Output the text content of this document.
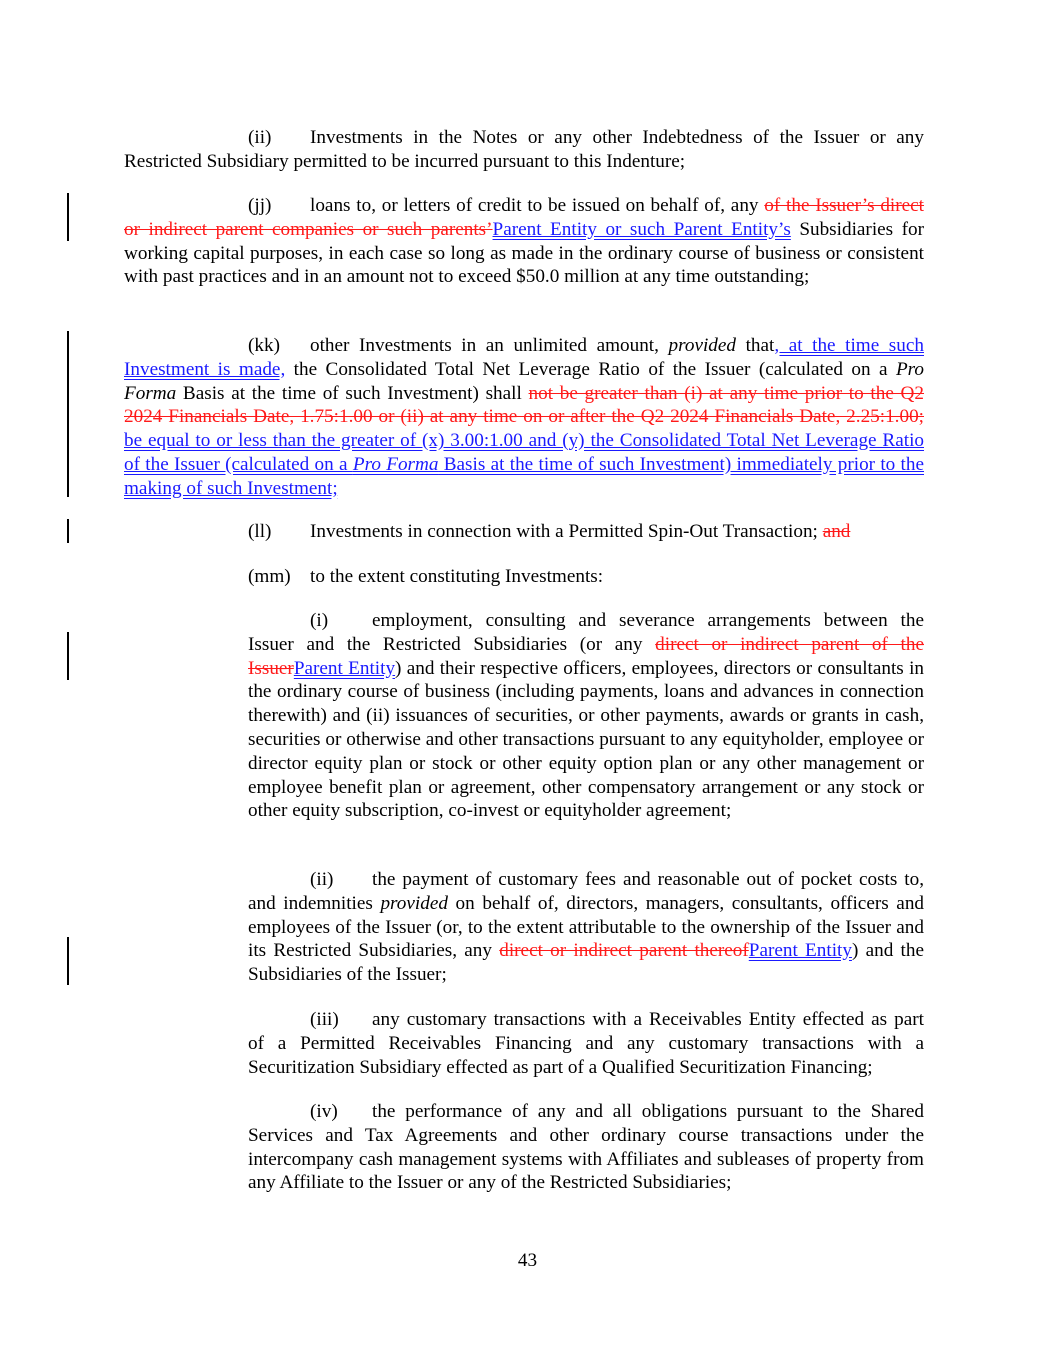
(ii) Investments in the Notes or any other Indebtedness of the Issuer or any Restricted Subsidiary permitted to be incurred pursuant to this Indenture;
(jj) loans to, or letters of credit to be issued on behalf of, any of the Issuer’s direct or indirect parent companies or such parents’Parent Entity or such Parent Entity’s Subsidiaries for working capital purposes, in each case so long as made in the ordinary course of business or consistent with past practices and in an amount not to exceed $50.0 million at any time outstanding;
(kk) other Investments in an unlimited amount, provided that, at the time such Investment is made, the Consolidated Total Net Leverage Ratio of the Issuer (calculated on a Pro Forma Basis at the time of such Investment) shall not be greater than (i) at any time prior to the Q2 2024 Financials Date, 1.75:1.00 or (ii) at any time on or after the Q2 2024 Financials Date, 2.25:1.00; be equal to or less than the greater of (x) 3.00:1.00 and (y) the Consolidated Total Net Leverage Ratio of the Issuer (calculated on a Pro Forma Basis at the time of such Investment) immediately prior to the making of such Investment;
(ll) Investments in connection with a Permitted Spin-Out Transaction; and
(mm) to the extent constituting Investments:
(i) employment, consulting and severance arrangements between the Issuer and the Restricted Subsidiaries (or any direct or indirect parent of the IssuerParent Entity) and their respective officers, employees, directors or consultants in the ordinary course of business (including payments, loans and advances in connection therewith) and (ii) issuances of securities, or other payments, awards or grants in cash, securities or otherwise and other transactions pursuant to any equityholder, employee or director equity plan or stock or other equity option plan or any other management or employee benefit plan or agreement, other compensatory arrangement or any stock or other equity subscription, co-invest or equityholder agreement;
(ii) the payment of customary fees and reasonable out of pocket costs to, and indemnities provided on behalf of, directors, managers, consultants, officers and employees of the Issuer (or, to the extent attributable to the ownership of the Issuer and its Restricted Subsidiaries, any direct or indirect parent thereofParent Entity) and the Subsidiaries of the Issuer;
(iii) any customary transactions with a Receivables Entity effected as part of a Permitted Receivables Financing and any customary transactions with a Securitization Subsidiary effected as part of a Qualified Securitization Financing;
(iv) the performance of any and all obligations pursuant to the Shared Services and Tax Agreements and other ordinary course transactions under the intercompany cash management systems with Affiliates and subleases of property from any Affiliate to the Issuer or any of the Restricted Subsidiaries;
43
